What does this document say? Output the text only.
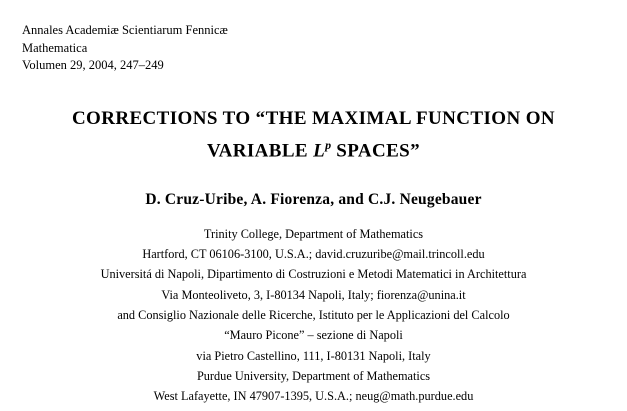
Annales Academiæ Scientiarum Fennicæ
Mathematica
Volumen 29, 2004, 247–249
CORRECTIONS TO “THE MAXIMAL FUNCTION ON
VARIABLE $L^p$ SPACES”
D. Cruz-Uribe, A. Fiorenza, and C.J. Neugebauer
Trinity College, Department of Mathematics
Hartford, CT 06106-3100, U.S.A.; david.cruzuribe@mail.trincoll.edu
Universitá di Napoli, Dipartimento di Costruzioni e Metodi Matematici in Architettura
Via Monteoliveto, 3, I-80134 Napoli, Italy; fiorenza@unina.it
and Consiglio Nazionale delle Ricerche, Istituto per le Applicazioni del Calcolo
“Mauro Picone” – sezione di Napoli
via Pietro Castellino, 111, I-80131 Napoli, Italy
Purdue University, Department of Mathematics
West Lafayette, IN 47907-1395, U.S.A.; neug@math.purdue.edu
